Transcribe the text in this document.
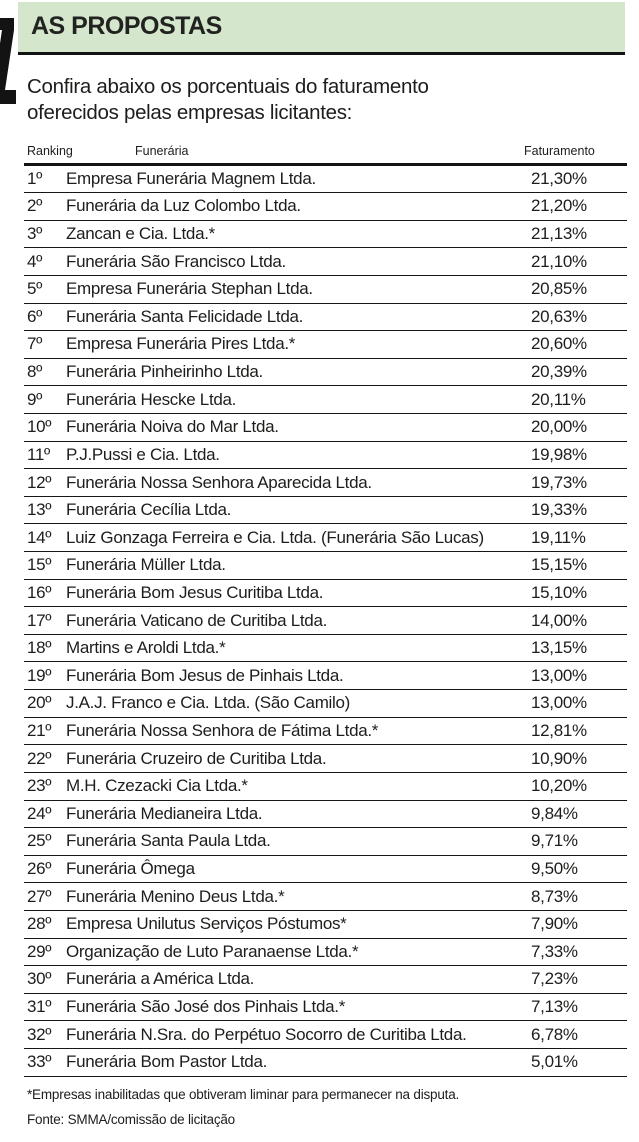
AS PROPOSTAS
Confira abaixo os porcentuais do faturamento
oferecidos pelas empresas licitantes:
Ranking	Funerária	Faturamento
1º	Empresa Funerária Magnem Ltda.	21,30%
2º	Funerária da Luz Colombo Ltda.	21,20%
3º	Zancan e Cia. Ltda.*	21,13%
4º	Funerária São Francisco Ltda.	21,10%
5º	Empresa Funerária Stephan Ltda.	20,85%
6º	Funerária Santa Felicidade Ltda.	20,63%
7º	Empresa Funerária Pires Ltda.*	20,60%
8º	Funerária Pinheirinho Ltda.	20,39%
9º	Funerária Hescke Ltda.	20,11%
10º Funerária Noiva do Mar Ltda.	20,00%
11º P.J.Pussi e Cia. Ltda.	19,98%
12º Funerária Nossa Senhora Aparecida Ltda.	19,73%
13º Funerária Cecília Ltda.	19,33%
14º Luiz Gonzaga Ferreira e Cia. Ltda. (Funerária São Lucas)	19,11%
15º Funerária Müller Ltda.	15,15%
16º Funerária Bom Jesus Curitiba Ltda.	15,10%
17º Funerária Vaticano de Curitiba Ltda.	14,00%
18º Martins e Aroldi Ltda.*	13,15%
19º Funerária Bom Jesus de Pinhais Ltda.	13,00%
20º J.A.J. Franco e Cia. Ltda. (São Camilo)	13,00%
21º Funerária Nossa Senhora de Fátima Ltda.*	12,81%
22º Funerária Cruzeiro de Curitiba Ltda.	10,90%
23º M.H. Czezacki Cia Ltda.*	10,20%
24º Funerária Medianeira Ltda.	9,84%
25º Funerária Santa Paula Ltda.	9,71%
26º Funerária Ômega	9,50%
27º Funerária Menino Deus Ltda.*	8,73%
28º Empresa Unilutus Serviços Póstumos*	7,90%
29º Organização de Luto Paranaense Ltda.*	7,33%
30º Funerária a América Ltda.	7,23%
31º Funerária São José dos Pinhais Ltda.*	7,13%
32º Funerária N.Sra. do Perpétuo Socorro de Curitiba Ltda.	6,78%
33º Funerária Bom Pastor Ltda.	5,01%
*Empresas inabilitadas que obtiveram liminar para permanecer na disputa.
Fonte: SMMA/comissão de licitação
